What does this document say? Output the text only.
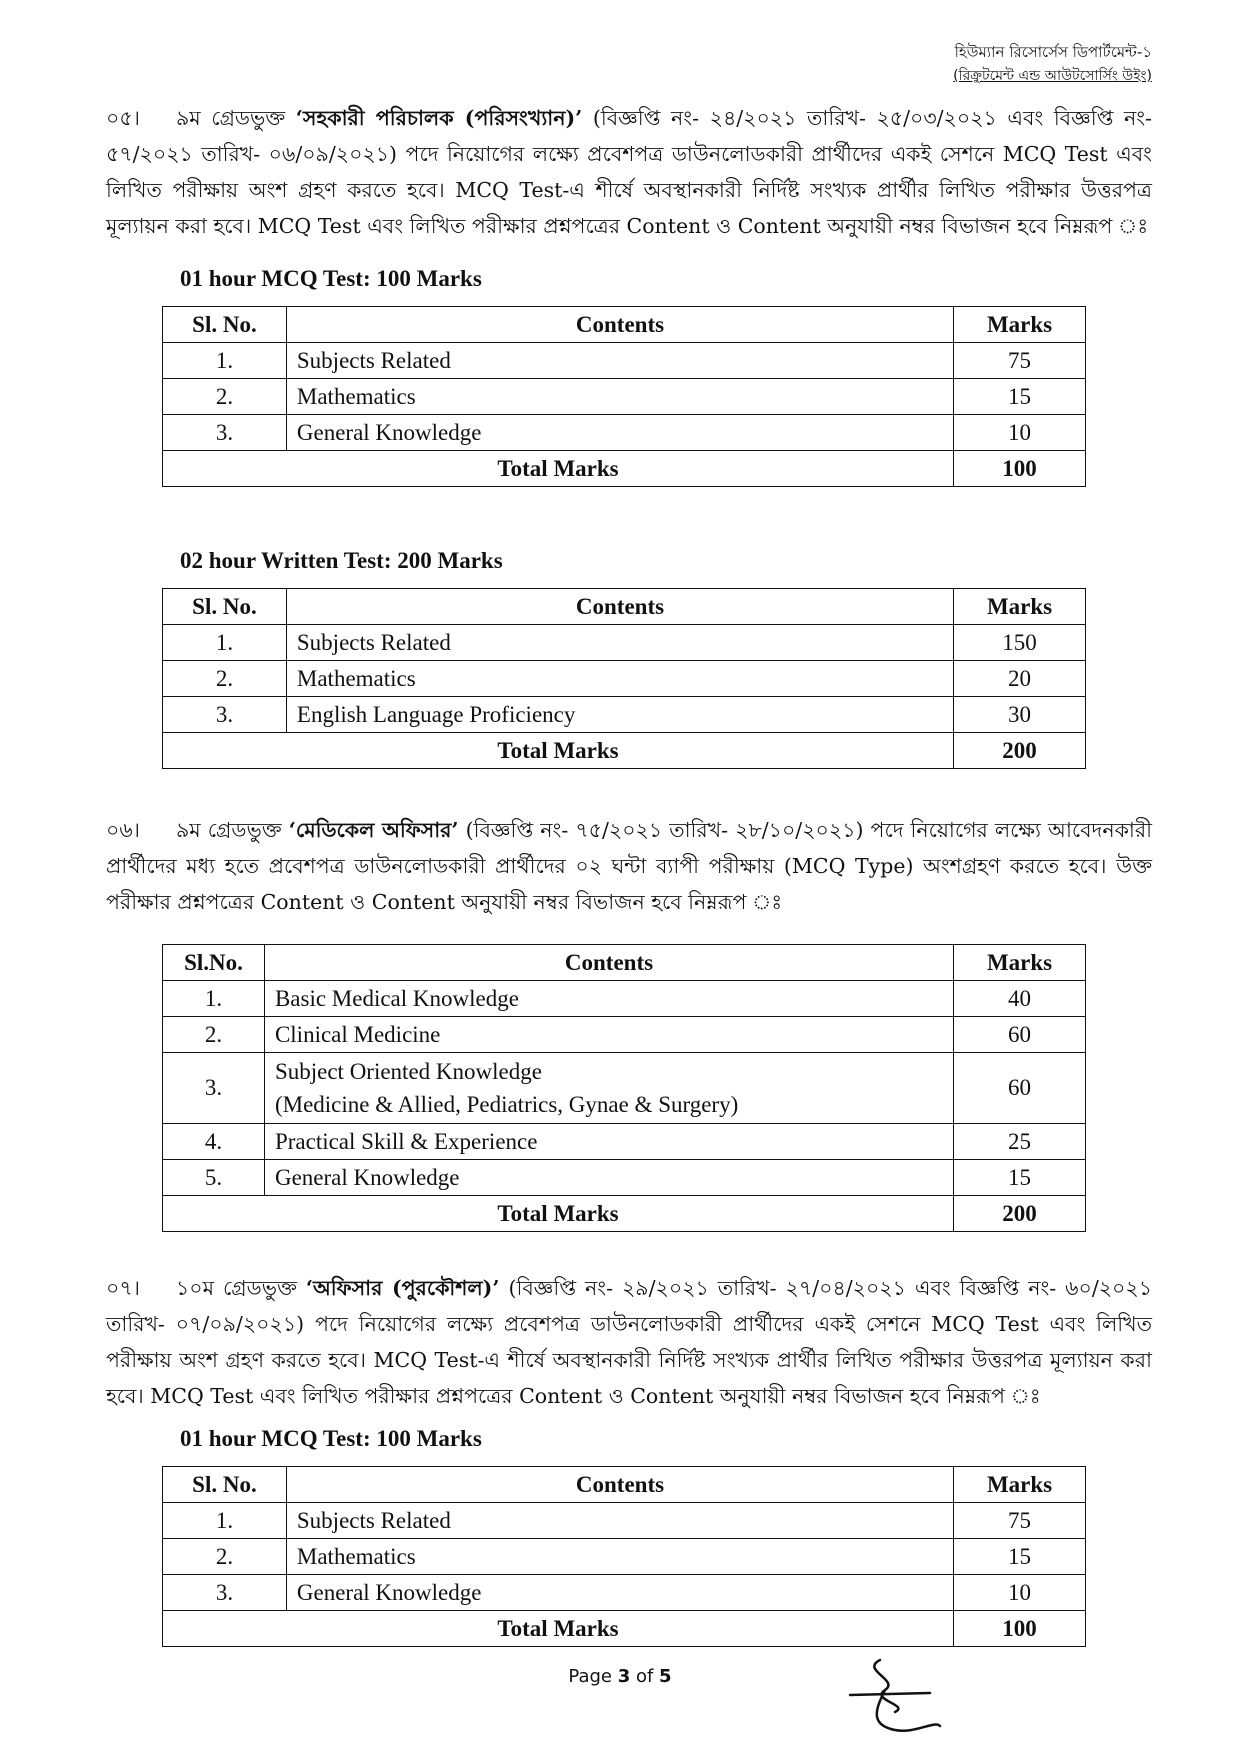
হিউম্যান রিসোর্সেস ডিপার্টমেন্ট-১
(রিক্রুটমেন্ট এন্ড আউটসোর্সিং উইং)
০৫। ৯ম গ্রেডভুক্ত ‘সহকারী পরিচালক (পরিসংখ্যান)’ (বিজ্ঞপ্তি নং- ২৪/২০২১ তারিখ- ২৫/০৩/২০২১ এবং বিজ্ঞপ্তি নং- ৫৭/২০২১ তারিখ- ০৬/০৯/২০২১) পদে নিয়োগের লক্ষ্যে প্রবেশপত্র ডাউনলোডকারী প্রার্থীদের একই সেশনে MCQ Test এবং লিখিত পরীক্ষায় অংশ গ্রহণ করতে হবে। MCQ Test-এ শীর্ষে অবস্থানকারী নির্দিষ্ট সংখ্যক প্রার্থীর লিখিত পরীক্ষার উত্তরপত্র মূল্যায়ন করা হবে। MCQ Test এবং লিখিত পরীক্ষার প্রশ্নপত্রের Content ও Content অনুযায়ী নম্বর বিভাজন হবে নিম্নরূপ ঃ
01 hour MCQ Test: 100 Marks
Sl. No.	Contents	Marks
1.	Subjects Related	75
2.	Mathematics	15
3.	General Knowledge	10
Total Marks		100
02 hour Written Test: 200 Marks
Sl. No.	Contents	Marks
1.	Subjects Related	150
2.	Mathematics	20
3.	English Language Proficiency	30
Total Marks		200
০৬। ৯ম গ্রেডভুক্ত ‘মেডিকেল অফিসার’ (বিজ্ঞপ্তি নং- ৭৫/২০২১ তারিখ- ২৮/১০/২০২১) পদে নিয়োগের লক্ষ্যে আবেদনকারী প্রার্থীদের মধ্য হতে প্রবেশপত্র ডাউনলোডকারী প্রার্থীদের ০২ ঘন্টা ব্যাপী পরীক্ষায় (MCQ Type) অংশগ্রহণ করতে হবে। উক্ত পরীক্ষার প্রশ্নপত্রের Content ও Content অনুযায়ী নম্বর বিভাজন হবে নিম্নরূপ ঃ
Sl.No.	Contents	Marks
1.	Basic Medical Knowledge	40
2.	Clinical Medicine	60
3.	Subject Oriented Knowledge
(Medicine & Allied, Pediatrics, Gynae & Surgery)	60
4.	Practical Skill & Experience	25
5.	General Knowledge	15
Total Marks		200
০৭। ১০ম গ্রেডভুক্ত ‘অফিসার (পুরকৌশল)’ (বিজ্ঞপ্তি নং- ২৯/২০২১ তারিখ- ২৭/০৪/২০২১ এবং বিজ্ঞপ্তি নং- ৬০/২০২১ তারিখ- ০৭/০৯/২০২১) পদে নিয়োগের লক্ষ্যে প্রবেশপত্র ডাউনলোডকারী প্রার্থীদের একই সেশনে MCQ Test এবং লিখিত পরীক্ষায় অংশ গ্রহণ করতে হবে। MCQ Test-এ শীর্ষে অবস্থানকারী নির্দিষ্ট সংখ্যক প্রার্থীর লিখিত পরীক্ষার উত্তরপত্র মূল্যায়ন করা হবে। MCQ Test এবং লিখিত পরীক্ষার প্রশ্নপত্রের Content ও Content অনুযায়ী নম্বর বিভাজন হবে নিম্নরূপ ঃ
01 hour MCQ Test: 100 Marks
Sl. No.	Contents	Marks
1.	Subjects Related	75
2.	Mathematics	15
3.	General Knowledge	10
Total Marks		100
Page 3 of 5
